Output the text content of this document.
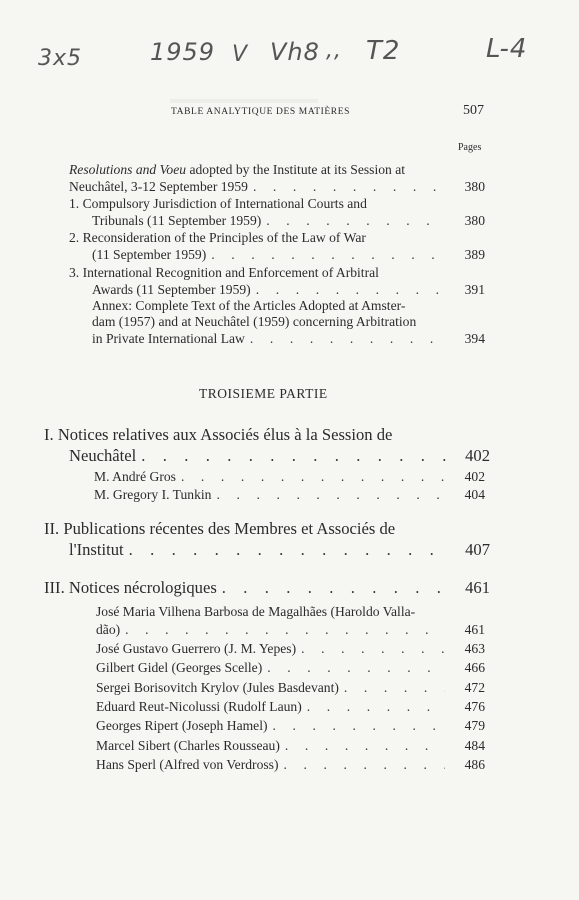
3x5	1959 V Vh8 ,, T2	L-4
TABLE ANALYTIQUE DES MATIÈRES	507
Pages
Resolutions and Voeu adopted by the Institute at its Session at
Neuchâtel, 3-12 September 1959 . . .	380
1. Compulsory Jurisdiction of International Courts and
Tribunals (11 September 1959) . . .	380
2. Reconsideration of the Principles of the Law of War
(11 September 1959) . . .	389
3. International Recognition and Enforcement of Arbitral
Awards (11 September 1959) . . .	391
Annex: Complete Text of the Articles Adopted at Amster-
dam (1957) and at Neuchâtel (1959) concerning Arbitration
in Private International Law . . .	394
TROISIEME PARTIE
I. Notices relatives aux Associés élus à la Session de
Neuchâtel . . .	402
M. André Gros . . .	402
M. Gregory I. Tunkin . . .	404
II. Publications récentes des Membres et Associés de
l'Institut . . .	407
III. Notices nécrologiques . . .	461
José Maria Vilhena Barbosa de Magalhães (Haroldo Valla-
dão) . . .	461
José Gustavo Guerrero (J. M. Yepes) . . .	463
Gilbert Gidel (Georges Scelle) . . .	466
Sergei Borisovitch Krylov (Jules Basdevant) . . .	472
Eduard Reut-Nicolussi (Rudolf Laun) . . .	476
Georges Ripert (Joseph Hamel) . . .	479
Marcel Sibert (Charles Rousseau) . . .	484
Hans Sperl (Alfred von Verdross) . . .	486
